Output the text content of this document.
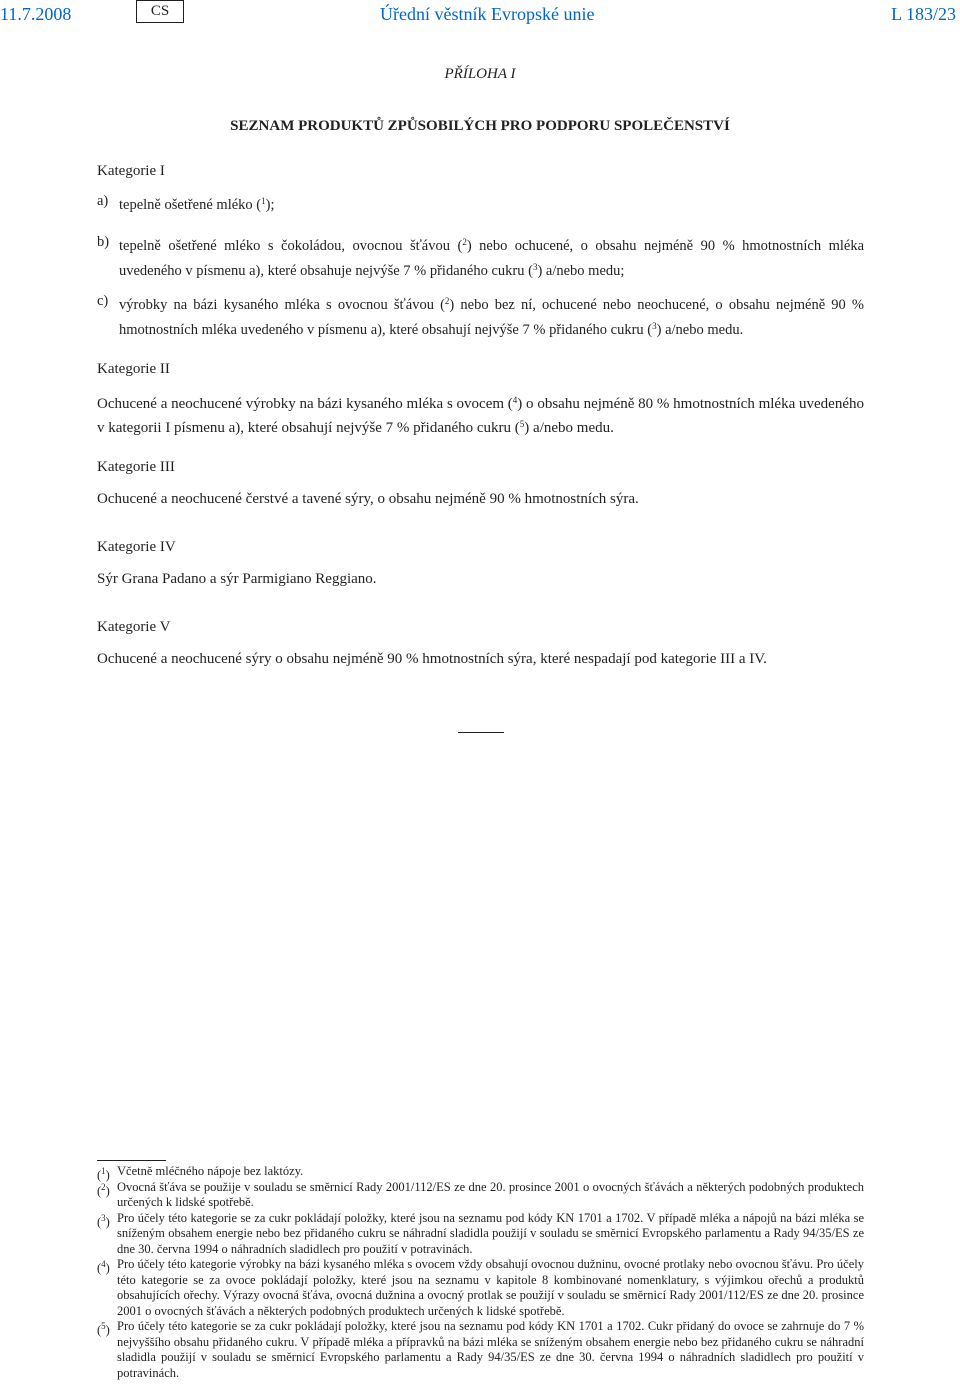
11.7.2008	CS	Úřední věstník Evropské unie	L 183/23
PŘÍLOHA I
SEZNAM PRODUKTŮ ZPŮSOBILÝCH PRO PODPORU SPOLEČENSTVÍ
Kategorie I
a) tepelně ošetřené mléko ($^1$);
b) tepelně ošetřené mléko s čokoládou, ovocnou šťávou ($^2$) nebo ochucené, o obsahu nejméně 90 % hmotnostních mléka uvedeného v písmenu a), které obsahuje nejvýše 7 % přidaného cukru ($^3$) a/nebo medu;
c) výrobky na bázi kysaného mléka s ovocnou šťávou ($^2$) nebo bez ní, ochucené nebo neochucené, o obsahu nejméně 90 % hmotnostních mléka uvedeného v písmenu a), které obsahují nejvýše 7 % přidaného cukru ($^3$) a/nebo medu.
Kategorie II
Ochucené a neochucené výrobky na bázi kysaného mléka s ovocem ($^4$) o obsahu nejméně 80 % hmotnostních mléka uvedeného v kategorii I písmenu a), které obsahují nejvýše 7 % přidaného cukru ($^5$) a/nebo medu.
Kategorie III
Ochucené a neochucené čerstvé a tavené sýry, o obsahu nejméně 90 % hmotnostních sýra.
Kategorie IV
Sýr Grana Padano a sýr Parmigiano Reggiano.
Kategorie V
Ochucené a neochucené sýry o obsahu nejméně 90 % hmotnostních sýra, které nespadají pod kategorie III a IV.
($^1$) Včetně mléčného nápoje bez laktózy.
($^2$) Ovocná šťáva se použije v souladu se směrnicí Rady 2001/112/ES ze dne 20. prosince 2001 o ovocných šťávách a některých podobných produktech určených k lidské spotřebě.
($^3$) Pro účely této kategorie se za cukr pokládají položky, které jsou na seznamu pod kódy KN 1701 a 1702. V případě mléka a nápojů na bázi mléka se sníženým obsahem energie nebo bez přidaného cukru se náhradní sladidla použijí v souladu se směrnicí Evropského parlamentu a Rady 94/35/ES ze dne 30. června 1994 o náhradních sladidlech pro použití v potravinách.
($^4$) Pro účely této kategorie výrobky na bázi kysaného mléka s ovocem vždy obsahují ovocnou dužninu, ovocné protlaky nebo ovocnou šťávu. Pro účely této kategorie se za ovoce pokládají položky, které jsou na seznamu v kapitole 8 kombinované nomenklatury, s výjimkou ořechů a produktů obsahujících ořechy. Výrazy ovocná šťáva, ovocná dužnina a ovocný protlak se použijí v souladu se směrnicí Rady 2001/112/ES ze dne 20. prosince 2001 o ovocných šťávách a některých podobných produktech určených k lidské spotřebě.
($^5$) Pro účely této kategorie se za cukr pokládají položky, které jsou na seznamu pod kódy KN 1701 a 1702. Cukr přidaný do ovoce se zahrnuje do 7 % nejvyššího obsahu přidaného cukru. V případě mléka a přípravků na bázi mléka se sníženým obsahem energie nebo bez přidaného cukru se náhradní sladidla použijí v souladu se směrnicí Evropského parlamentu a Rady 94/35/ES ze dne 30. června 1994 o náhradních sladidlech pro použití v potravinách.
